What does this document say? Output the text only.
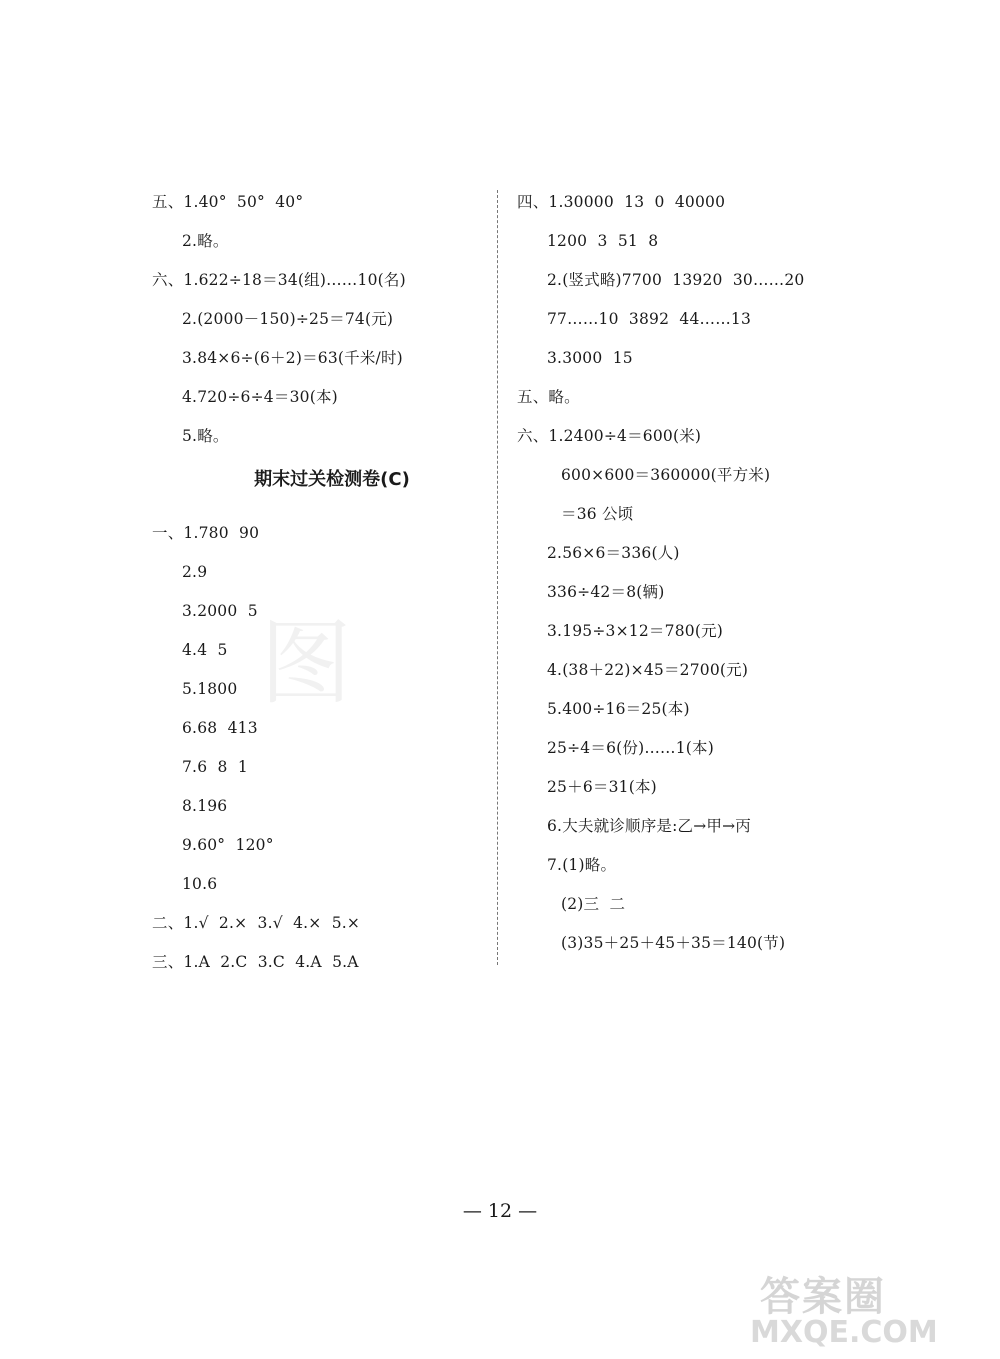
图
五、1.40°  50°  40°
2.略。
六、1.622÷18＝34(组)……10(名)
2.(2000－150)÷25＝74(元)
3.84×6÷(6＋2)＝63(千米/时)
4.720÷6÷4＝30(本)
5.略。
期末过关检测卷(C)
一、1.780  90
2.9
3.2000  5
4.4  5
5.1800
6.68  413
7.6  8  1
8.196
9.60°  120°
10.6
二、1.√  2.×  3.√  4.×  5.×
三、1.A  2.C  3.C  4.A  5.A
四、1.30000  13  0  40000
1200  3  51  8
2.(竖式略)7700  13920  30……20
77……10  3892  44……13
3.3000  15
五、略。
六、1.2400÷4＝600(米)
600×600＝360000(平方米)
＝36 公顷
2.56×6＝336(人)
336÷42＝8(辆)
3.195÷3×12＝780(元)
4.(38＋22)×45＝2700(元)
5.400÷16＝25(本)
25÷4＝6(份)……1(本)
25＋6＝31(本)
6.大夫就诊顺序是:乙→甲→丙
7.(1)略。
(2)三  二
(3)35＋25＋45＋35＝140(节)
— 12 —
答案圈
MXQE.COM
